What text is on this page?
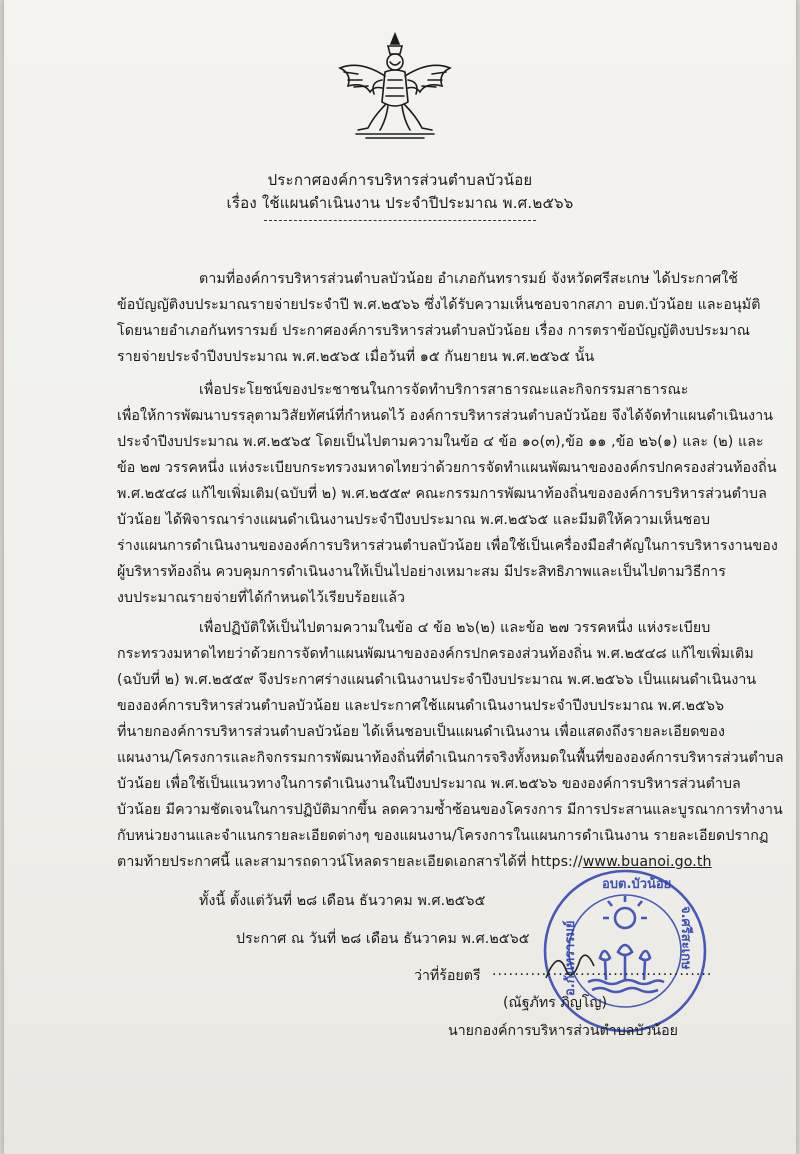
ประกาศองค์การบริหารส่วนตำบลบัวน้อย
เรื่อง ใช้แผนดำเนินงาน ประจำปีประมาณ พ.ศ.๒๕๖๖
ตามที่องค์การบริหารส่วนตำบลบัวน้อย อำเภอกันทรารมย์ จังหวัดศรีสะเกษ ได้ประกาศใช้
ข้อบัญญัติงบประมาณรายจ่ายประจำปี พ.ศ.๒๕๖๖ ซึ่งได้รับความเห็นชอบจากสภา อบต.บัวน้อย และอนุมัติ
โดยนายอำเภอกันทรารมย์ ประกาศองค์การบริหารส่วนตำบลบัวน้อย เรื่อง การตราข้อบัญญัติงบประมาณ
รายจ่ายประจำปีงบประมาณ พ.ศ.๒๕๖๕ เมื่อวันที่ ๑๕ กันยายน พ.ศ.๒๕๖๕ นั้น
เพื่อประโยชน์ของประชาชนในการจัดทำบริการสาธารณะและกิจกรรมสาธารณะ
เพื่อให้การพัฒนาบรรลุตามวิสัยทัศน์ที่กำหนดไว้ องค์การบริหารส่วนตำบลบัวน้อย จึงได้จัดทำแผนดำเนินงาน
ประจำปีงบประมาณ พ.ศ.๒๕๖๕ โดยเป็นไปตามความในข้อ ๔ ข้อ ๑๐(๓),ข้อ ๑๑ ,ข้อ ๒๖(๑) และ (๒) และ
ข้อ ๒๗ วรรคหนึ่ง แห่งระเบียบกระทรวงมหาดไทยว่าด้วยการจัดทำแผนพัฒนาขององค์กรปกครองส่วนท้องถิ่น
พ.ศ.๒๕๔๘ แก้ไขเพิ่มเติม(ฉบับที่ ๒) พ.ศ.๒๕๕๙ คณะกรรมการพัฒนาท้องถิ่นขององค์การบริหารส่วนตำบล
บัวน้อย ได้พิจารณาร่างแผนดำเนินงานประจำปีงบประมาณ พ.ศ.๒๕๖๕ และมีมติให้ความเห็นชอบ
ร่างแผนการดำเนินงานขององค์การบริหารส่วนตำบลบัวน้อย เพื่อใช้เป็นเครื่องมือสำคัญในการบริหารงานของ
ผู้บริหารท้องถิ่น ควบคุมการดำเนินงานให้เป็นไปอย่างเหมาะสม มีประสิทธิภาพและเป็นไปตามวิธีการ
งบประมาณรายจ่ายที่ได้กำหนดไว้เรียบร้อยแล้ว
เพื่อปฏิบัติให้เป็นไปตามความในข้อ ๔ ข้อ ๒๖(๒) และข้อ ๒๗ วรรคหนึ่ง แห่งระเบียบ
กระทรวงมหาดไทยว่าด้วยการจัดทำแผนพัฒนาขององค์กรปกครองส่วนท้องถิ่น พ.ศ.๒๕๔๘ แก้ไขเพิ่มเติม
(ฉบับที่ ๒) พ.ศ.๒๕๕๙ จึงประกาศร่างแผนดำเนินงานประจำปีงบประมาณ พ.ศ.๒๕๖๖ เป็นแผนดำเนินงาน
ขององค์การบริหารส่วนตำบลบัวน้อย และประกาศใช้แผนดำเนินงานประจำปีงบประมาณ พ.ศ.๒๕๖๖
ที่นายกองค์การบริหารส่วนตำบลบัวน้อย ได้เห็นชอบเป็นแผนดำเนินงาน เพื่อแสดงถึงรายละเอียดของ
แผนงาน/โครงการและกิจกรรมการพัฒนาท้องถิ่นที่ดำเนินการจริงทั้งหมดในพื้นที่ขององค์การบริหารส่วนตำบล
บัวน้อย เพื่อใช้เป็นแนวทางในการดำเนินงานในปีงบประมาณ พ.ศ.๒๕๖๖ ขององค์การบริหารส่วนตำบล
บัวน้อย มีความชัดเจนในการปฏิบัติมากขึ้น ลดความซ้ำซ้อนของโครงการ มีการประสานและบูรณาการทำงาน
กับหน่วยงานและจำแนกรายละเอียดต่างๆ ของแผนงาน/โครงการในแผนการดำเนินงาน รายละเอียดปรากฏ
ตามท้ายประกาศนี้ และสามารถดาวน์โหลดรายละเอียดเอกสารได้ที่ https://www.buanoi.go.th
ทั้งนี้ ตั้งแต่วันที่ ๒๘ เดือน ธันวาคม พ.ศ.๒๕๖๕
ประกาศ ณ วันที่ ๒๘ เดือน ธันวาคม พ.ศ.๒๕๖๕
อบต.บัวน้อย
อ.กันทรารมย์	จ.ศรีสะเกษ
ว่าที่ร้อยตรี ........................................
(ณัฐภัทร ภิญโญ)
นายกองค์การบริหารส่วนตำบลบัวน้อย
